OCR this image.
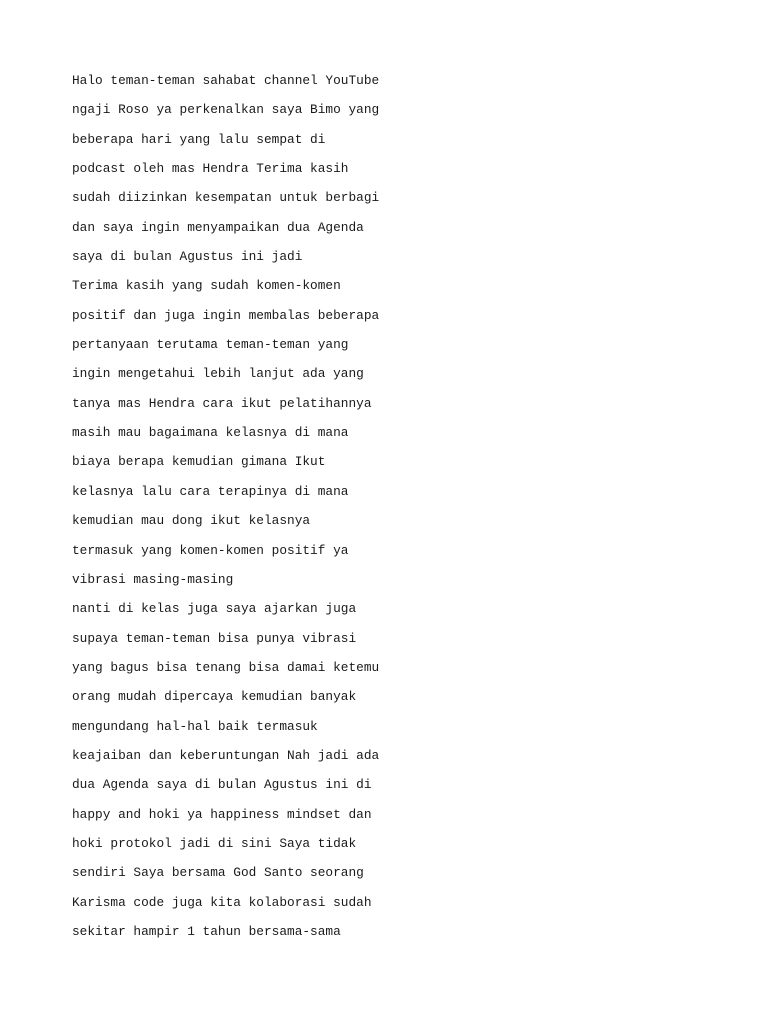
Halo teman-teman sahabat channel YouTube
ngaji Roso ya perkenalkan saya Bimo yang
beberapa hari yang lalu sempat di
podcast oleh mas Hendra Terima kasih
sudah diizinkan kesempatan untuk berbagi
dan saya ingin menyampaikan dua Agenda
saya di bulan Agustus ini jadi
Terima kasih yang sudah komen-komen
positif dan juga ingin membalas beberapa
pertanyaan terutama teman-teman yang
ingin mengetahui lebih lanjut ada yang
tanya mas Hendra cara ikut pelatihannya
masih mau bagaimana kelasnya di mana
biaya berapa kemudian gimana Ikut
kelasnya lalu cara terapinya di mana
kemudian mau dong ikut kelasnya
termasuk yang komen-komen positif ya
vibrasi masing-masing
nanti di kelas juga saya ajarkan juga
supaya teman-teman bisa punya vibrasi
yang bagus bisa tenang bisa damai ketemu
orang mudah dipercaya kemudian banyak
mengundang hal-hal baik termasuk
keajaiban dan keberuntungan Nah jadi ada
dua Agenda saya di bulan Agustus ini di
happy and hoki ya happiness mindset dan
hoki protokol jadi di sini Saya tidak
sendiri Saya bersama God Santo seorang
Karisma code juga kita kolaborasi sudah
sekitar hampir 1 tahun bersama-sama
